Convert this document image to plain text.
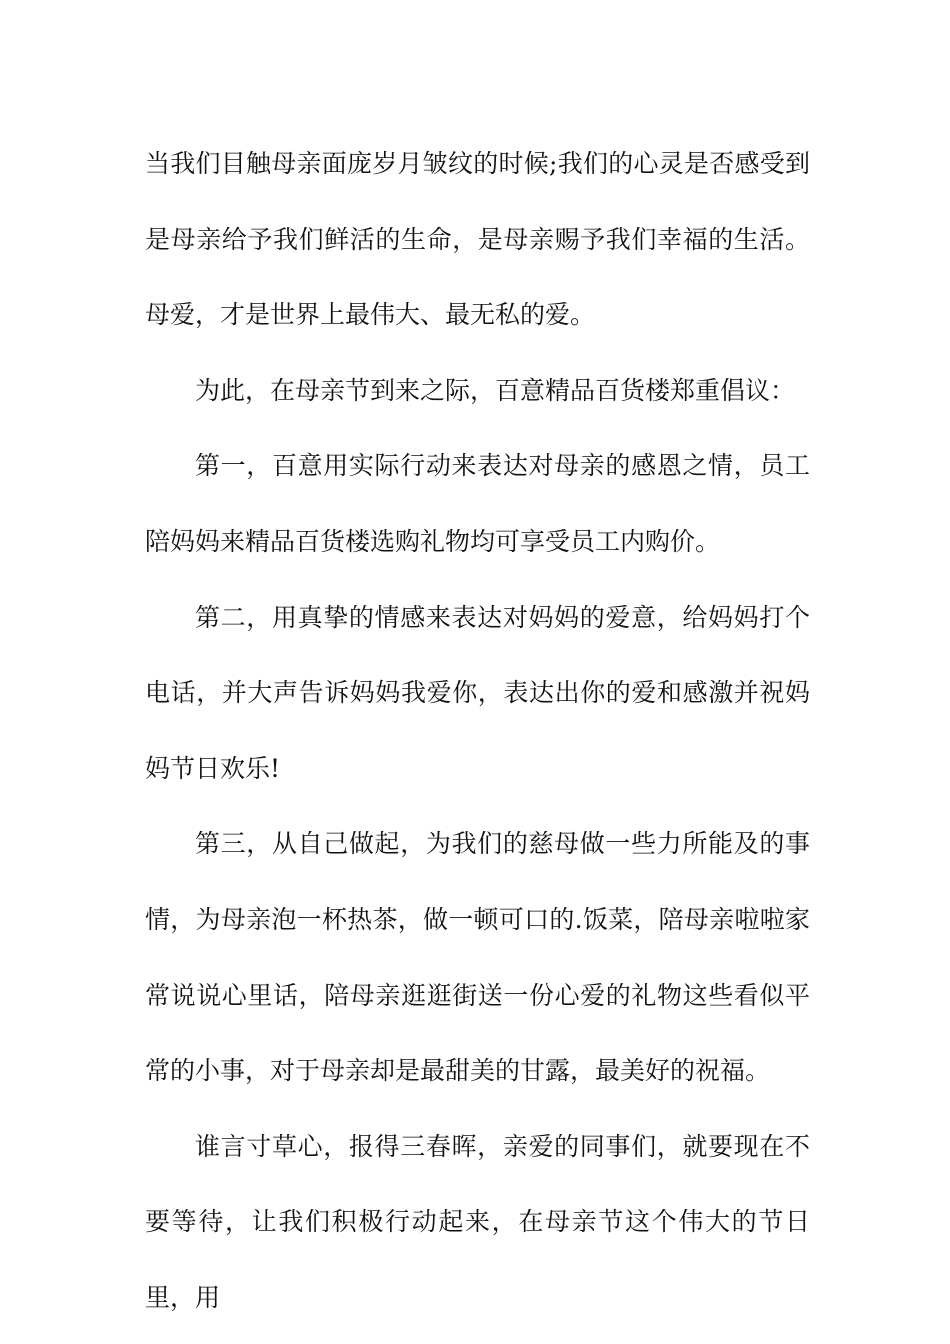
当我们目触母亲面庞岁月皱纹的时候;我们的心灵是否感受到是母亲给予我们鲜活的生命，是母亲赐予我们幸福的生活。母爱，才是世界上最伟大、最无私的爱。

为此，在母亲节到来之际，百意精品百货楼郑重倡议：

第一，百意用实际行动来表达对母亲的感恩之情，员工陪妈妈来精品百货楼选购礼物均可享受员工内购价。

第二，用真挚的情感来表达对妈妈的爱意，给妈妈打个电话，并大声告诉妈妈我爱你，表达出你的爱和感激并祝妈妈节日欢乐!

第三，从自己做起，为我们的慈母做一些力所能及的事情，为母亲泡一杯热茶，做一顿可口的.饭菜，陪母亲啦啦家常说说心里话，陪母亲逛逛街送一份心爱的礼物这些看似平常的小事，对于母亲却是最甜美的甘露，最美好的祝福。

谁言寸草心，报得三春晖，亲爱的同事们，就要现在不要等待，让我们积极行动起来，在母亲节这个伟大的节日里，用
